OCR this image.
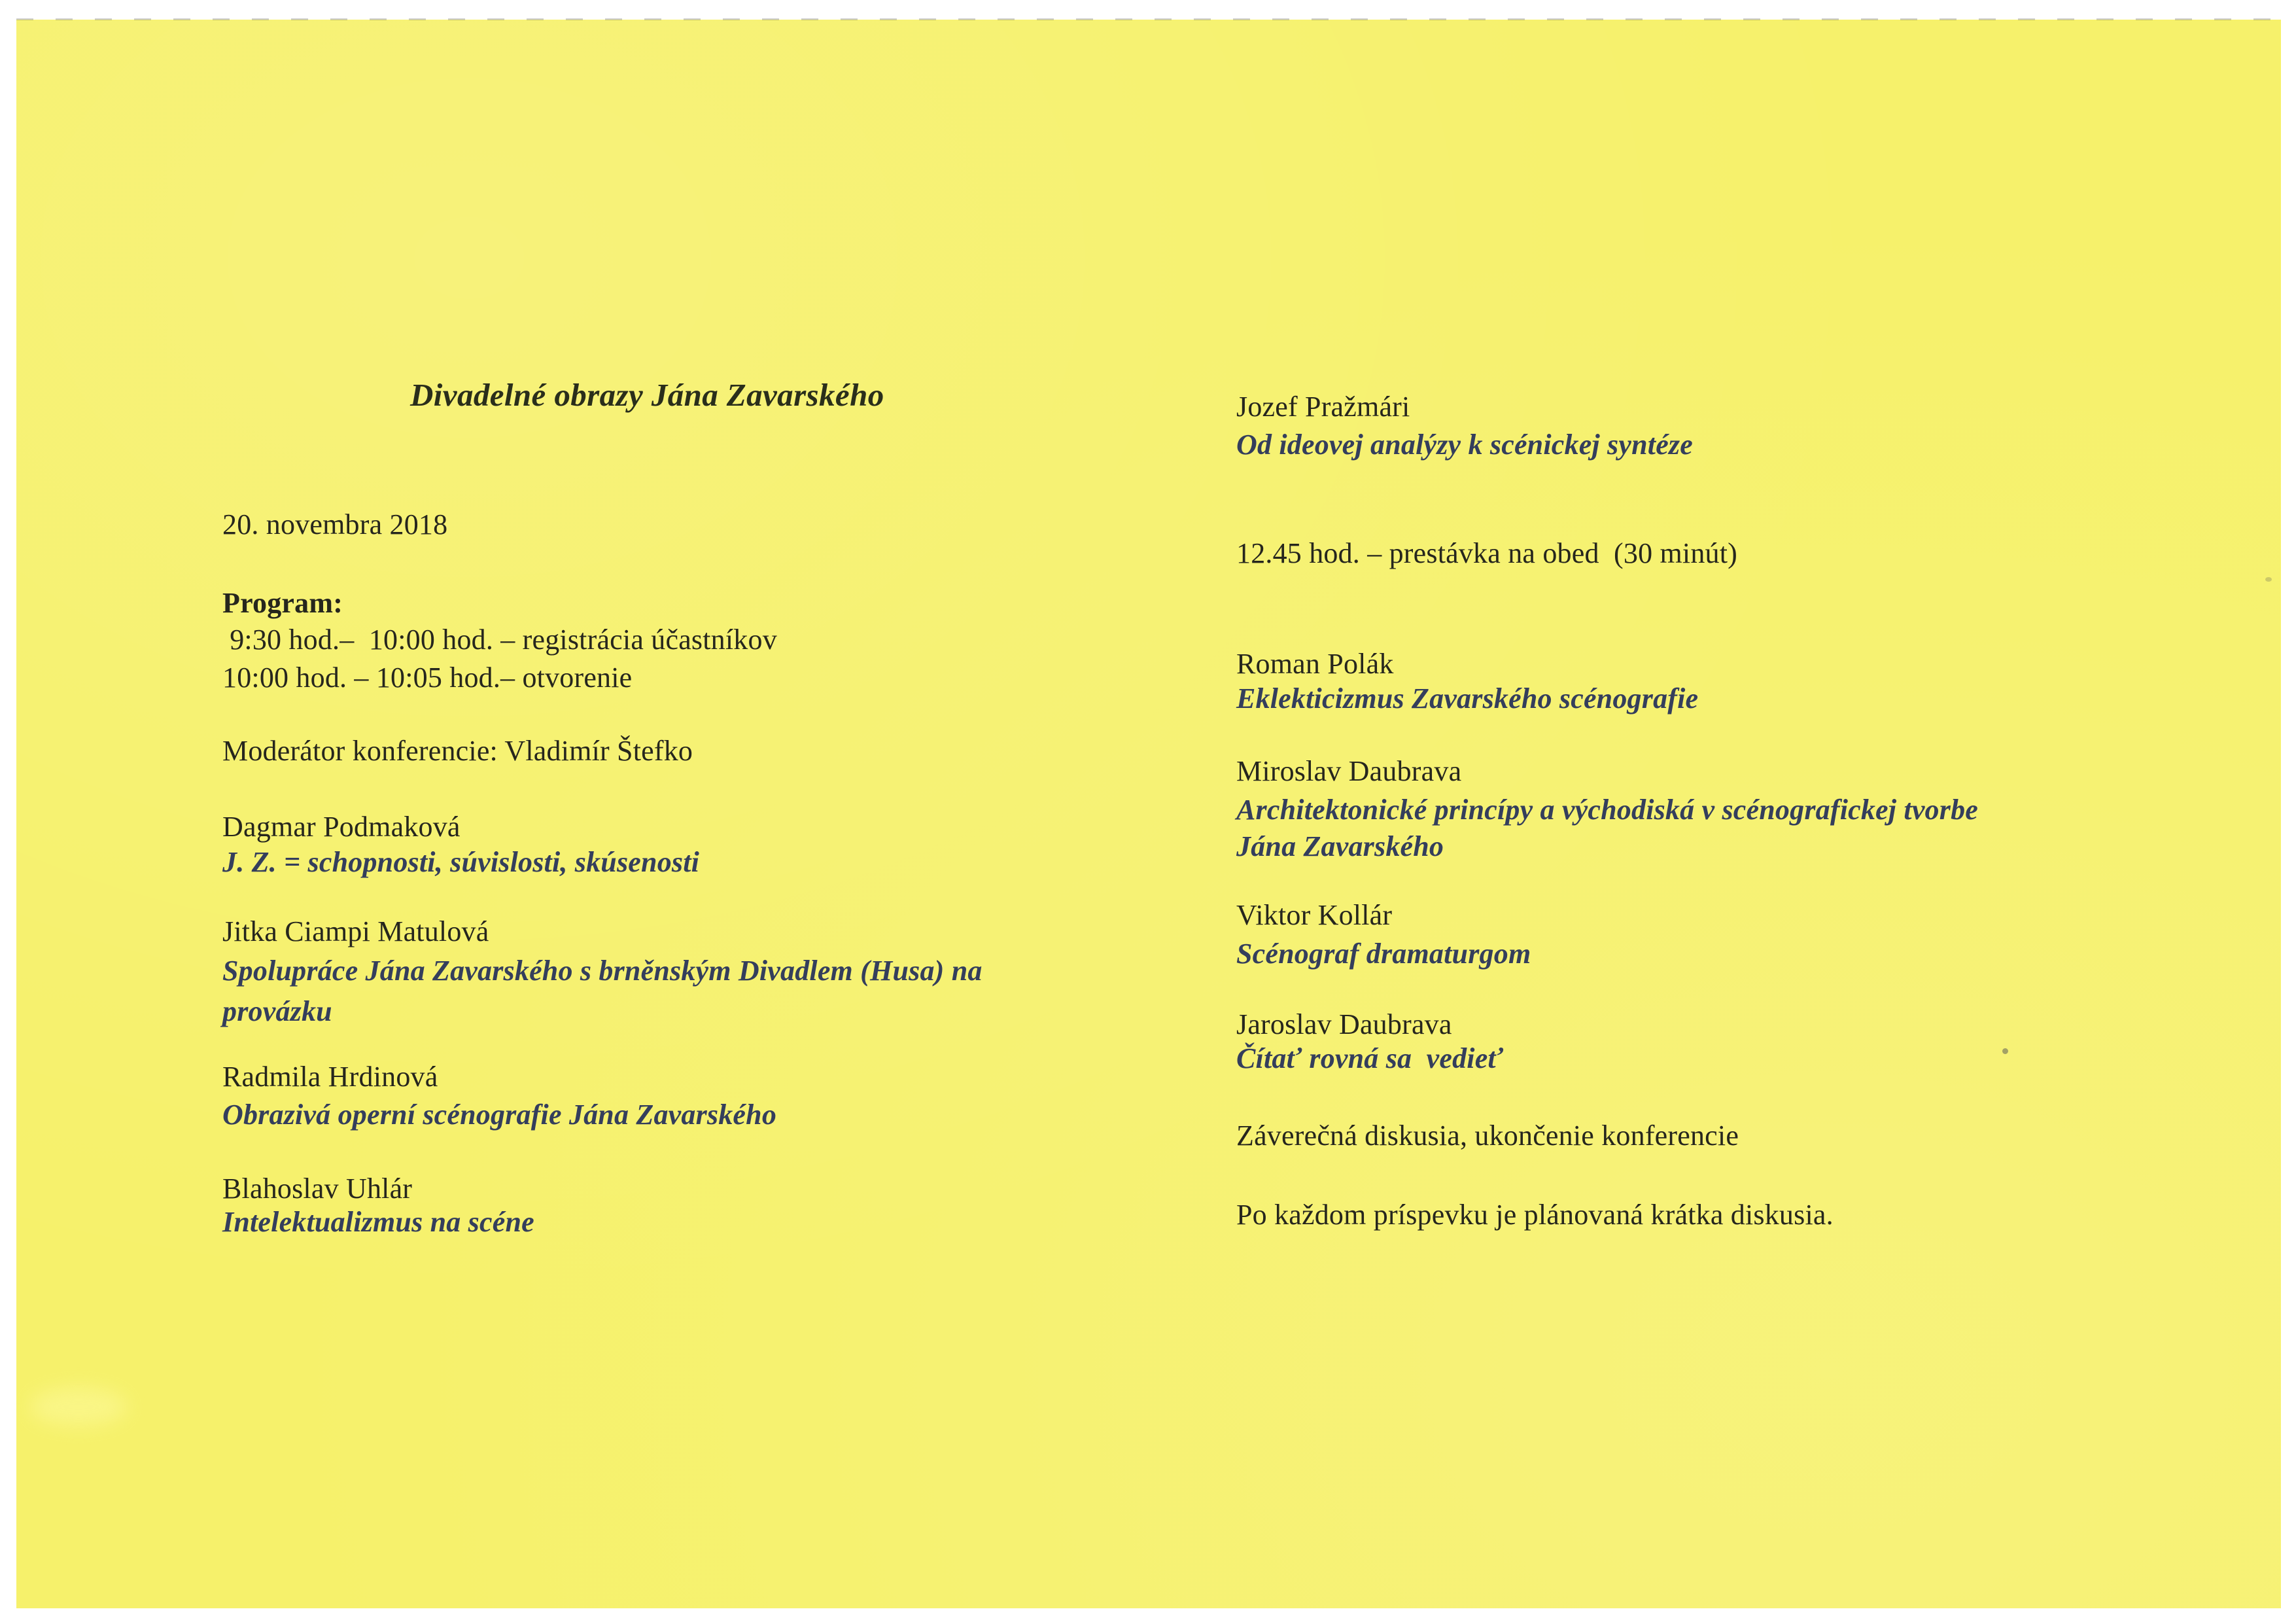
Divadelné obrazy Jána Zavarského
20. novembra 2018
Program:
9:30 hod.–  10:00 hod. – registrácia účastníkov
10:00 hod. – 10:05 hod.– otvorenie
Moderátor konferencie: Vladimír Štefko
Dagmar Podmaková
J. Z. = schopnosti, súvislosti, skúsenosti
Jitka Ciampi Matulová
Spolupráce Jána Zavarského s brněnským Divadlem (Husa) na
provázku
Radmila Hrdinová
Obrazivá operní scénografie Jána Zavarského
Blahoslav Uhlár
Intelektualizmus na scéne
Jozef Pražmári
Od ideovej analýzy k scénickej syntéze
12.45 hod. – prestávka na obed  (30 minút)
Roman Polák
Eklekticizmus Zavarského scénografie
Miroslav Daubrava
Architektonické princípy a východiská v scénografickej tvorbe
Jána Zavarského
Viktor Kollár
Scénograf dramaturgom
Jaroslav Daubrava
Čítať rovná sa  vedieť
Záverečná diskusia, ukončenie konferencie
Po každom príspevku je plánovaná krátka diskusia.
